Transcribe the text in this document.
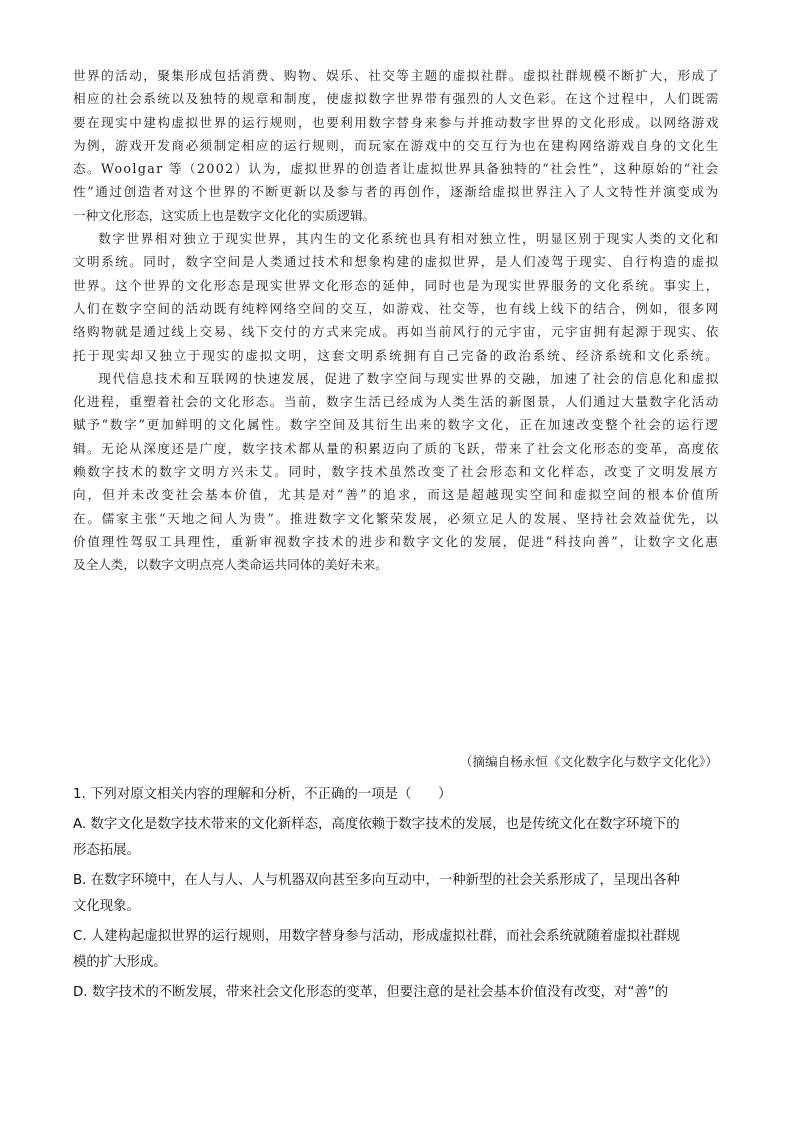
世界的活动，聚集形成包括消费、购物、娱乐、社交等主题的虚拟社群。虚拟社群规模不断扩大，形成了
相应的社会系统以及独特的规章和制度，使虚拟数字世界带有强烈的人文色彩。在这个过程中，人们既需
要在现实中建构虚拟世界的运行规则，也要利用数字替身来参与并推动数字世界的文化形成。以网络游戏
为例，游戏开发商必须制定相应的运行规则，而玩家在游戏中的交互行为也在建构网络游戏自身的文化生
态。Woolgar 等（2002）认为，虚拟世界的创造者让虚拟世界具备独特的“社会性”，这种原始的“社会
性”通过创造者对这个世界的不断更新以及参与者的再创作，逐渐给虚拟世界注入了人文特性并演变成为
一种文化形态，这实质上也是数字文化化的实质逻辑。
数字世界相对独立于现实世界，其内生的文化系统也具有相对独立性，明显区别于现实人类的文化和
文明系统。同时，数字空间是人类通过技术和想象构建的虚拟世界，是人们凌驾于现实、自行构造的虚拟
世界。这个世界的文化形态是现实世界文化形态的延伸，同时也是为现实世界服务的文化系统。事实上，
人们在数字空间的活动既有纯粹网络空间的交互，如游戏、社交等，也有线上线下的结合，例如，很多网
络购物就是通过线上交易、线下交付的方式来完成。再如当前风行的元宇宙，元宇宙拥有起源于现实、依
托于现实却又独立于现实的虚拟文明，这套文明系统拥有自己完备的政治系统、经济系统和文化系统。
现代信息技术和互联网的快速发展，促进了数字空间与现实世界的交融，加速了社会的信息化和虚拟
化进程，重塑着社会的文化形态。当前，数字生活已经成为人类生活的新图景，人们通过大量数字化活动
赋予“数字”更加鲜明的文化属性。数字空间及其衍生出来的数字文化，正在加速改变整个社会的运行逻
辑。无论从深度还是广度，数字技术都从量的积累迈向了质的飞跃，带来了社会文化形态的变革，高度依
赖数字技术的数字文明方兴未艾。同时，数字技术虽然改变了社会形态和文化样态，改变了文明发展方
向，但并未改变社会基本价值，尤其是对“善”的追求，而这是超越现实空间和虚拟空间的根本价值所
在。儒家主张“天地之间人为贵”。推进数字文化繁荣发展，必须立足人的发展、坚持社会效益优先，以
价值理性驾驭工具理性，重新审视数字技术的进步和数字文化的发展，促进“科技向善”，让数字文化惠
及全人类，以数字文明点亮人类命运共同体的美好未来。
（摘编自杨永恒《文化数字化与数字文化化》）
1. 下列对原文相关内容的理解和分析，不正确的一项是（　　）
A. 数字文化是数字技术带来的文化新样态，高度依赖于数字技术的发展，也是传统文化在数字环境下的
形态拓展。
B. 在数字环境中，在人与人、人与机器双向甚至多向互动中，一种新型的社会关系形成了，呈现出各种
文化现象。
C. 人建构起虚拟世界的运行规则，用数字替身参与活动，形成虚拟社群，而社会系统就随着虚拟社群规
模的扩大形成。
D. 数字技术的不断发展，带来社会文化形态的变革，但要注意的是社会基本价值没有改变，对“善”的
